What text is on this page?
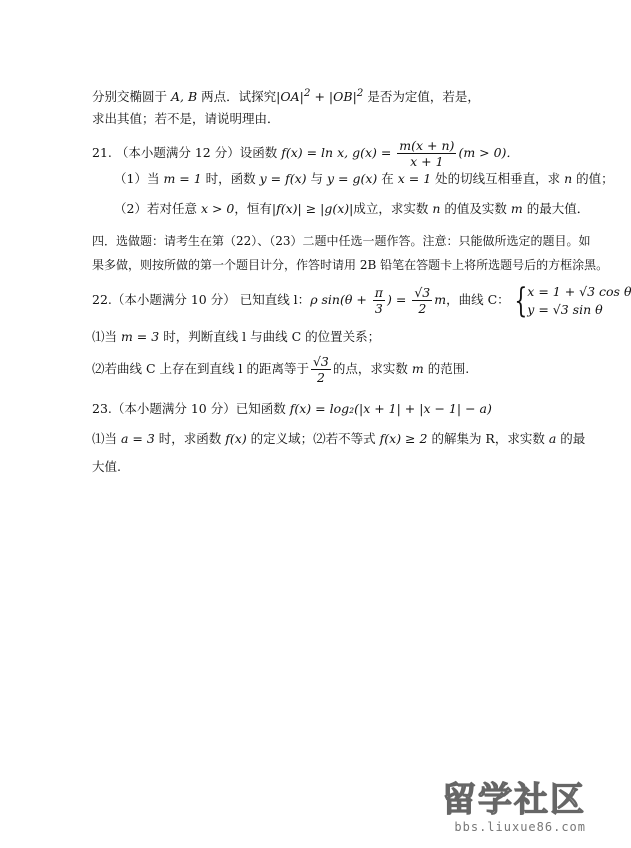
分别交椭圆于 A, B 两点．试探究$|OA|^2 + |OB|^2$ 是否为定值，若是，
求出其值；若不是，请说明理由．
21. （本小题满分 12 分）设函数 f(x) = ln x, $g(x) = \frac{m(x + n)}{x + 1} (m > 0)$．
（1）当 m = 1 时，函数 y = f(x) 与 y = g(x) 在 x = 1 处的切线互相垂直，求 n 的值；
（2）若对任意 x > 0，恒有|f(x)| ≥ |g(x)|成立，求实数 n 的值及实数 m 的最大值．
四．选做题：请考生在第（22）、（23）二题中任选一题作答。注意：只能做所选定的题目。如
果多做，则按所做的第一个题目计分，作答时请用 2B 铅笔在答题卡上将所选题号后的方框涂黑。
22.（本小题满分 10 分） 已知直线 l：ρ $\sin(\theta + \frac{\pi}{3}$ ) = $\frac{√3}{2}$ m，曲线 C： { x = 1 + √3 cos θ
y = √3 sin θ
⑴当 m = 3 时，判断直线 l 与曲线 C 的位置关系；
⑵若曲线 C 上存在到直线 l 的距离等于 $\frac{√3}{2}$ 的点，求实数 m 的范围.
23.（本小题满分 10 分）已知函数 f(x) = log₂(|x + 1| + |x − 1| − a)
⑴当 a = 3 时，求函数 f(x) 的定义域；⑵若不等式 f(x) ≥ 2 的解集为 R，求实数 a 的最
大值.
留学社区
bbs.liuxue86.com
